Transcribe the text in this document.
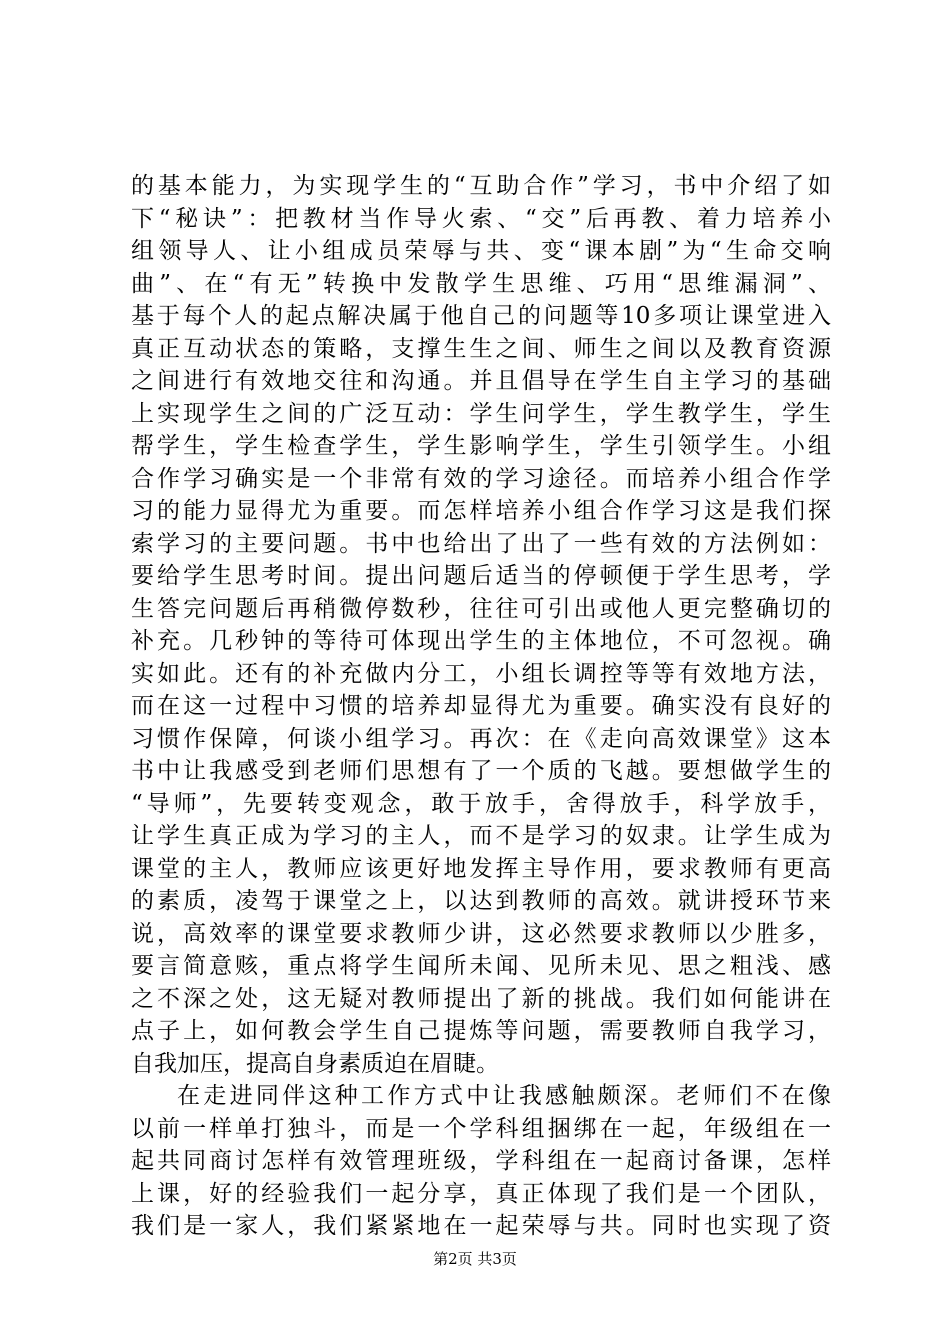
的基本能力，为实现学生的“互助合作”学习，书中介绍了如
下“秘诀”：把教材当作导火索、“交”后再教、着力培养小
组领导人、让小组成员荣辱与共、变“课本剧”为“生命交响
曲”、在“有无”转换中发散学生思维、巧用“思维漏洞”、
基于每个人的起点解决属于他自己的问题等10多项让课堂进入
真正互动状态的策略，支撑生生之间、师生之间以及教育资源
之间进行有效地交往和沟通。并且倡导在学生自主学习的基础
上实现学生之间的广泛互动：学生问学生，学生教学生，学生
帮学生，学生检查学生，学生影响学生，学生引领学生。小组
合作学习确实是一个非常有效的学习途径。而培养小组合作学
习的能力显得尤为重要。而怎样培养小组合作学习这是我们探
索学习的主要问题。书中也给出了出了一些有效的方法例如：
要给学生思考时间。提出问题后适当的停顿便于学生思考，学
生答完问题后再稍微停数秒，往往可引出或他人更完整确切的
补充。几秒钟的等待可体现出学生的主体地位，不可忽视。确
实如此。还有的补充做内分工，小组长调控等等有效地方法，
而在这一过程中习惯的培养却显得尤为重要。确实没有良好的
习惯作保障，何谈小组学习。再次：在《走向高效课堂》这本
书中让我感受到老师们思想有了一个质的飞越。要想做学生的
“导师”，先要转变观念，敢于放手，舍得放手，科学放手，
让学生真正成为学习的主人，而不是学习的奴隶。让学生成为
课堂的主人，教师应该更好地发挥主导作用，要求教师有更高
的素质，凌驾于课堂之上，以达到教师的高效。就讲授环节来
说，高效率的课堂要求教师少讲，这必然要求教师以少胜多，
要言简意赅，重点将学生闻所未闻、见所未见、思之粗浅、感
之不深之处，这无疑对教师提出了新的挑战。我们如何能讲在
点子上，如何教会学生自己提炼等问题，需要教师自我学习，
自我加压，提高自身素质迫在眉睫。
在走进同伴这种工作方式中让我感触颇深。老师们不在像
以前一样单打独斗，而是一个学科组捆绑在一起，年级组在一
起共同商讨怎样有效管理班级，学科组在一起商讨备课，怎样
上课，好的经验我们一起分享，真正体现了我们是一个团队，
我们是一家人，我们紧紧地在一起荣辱与共。同时也实现了资
第2页 共3页
